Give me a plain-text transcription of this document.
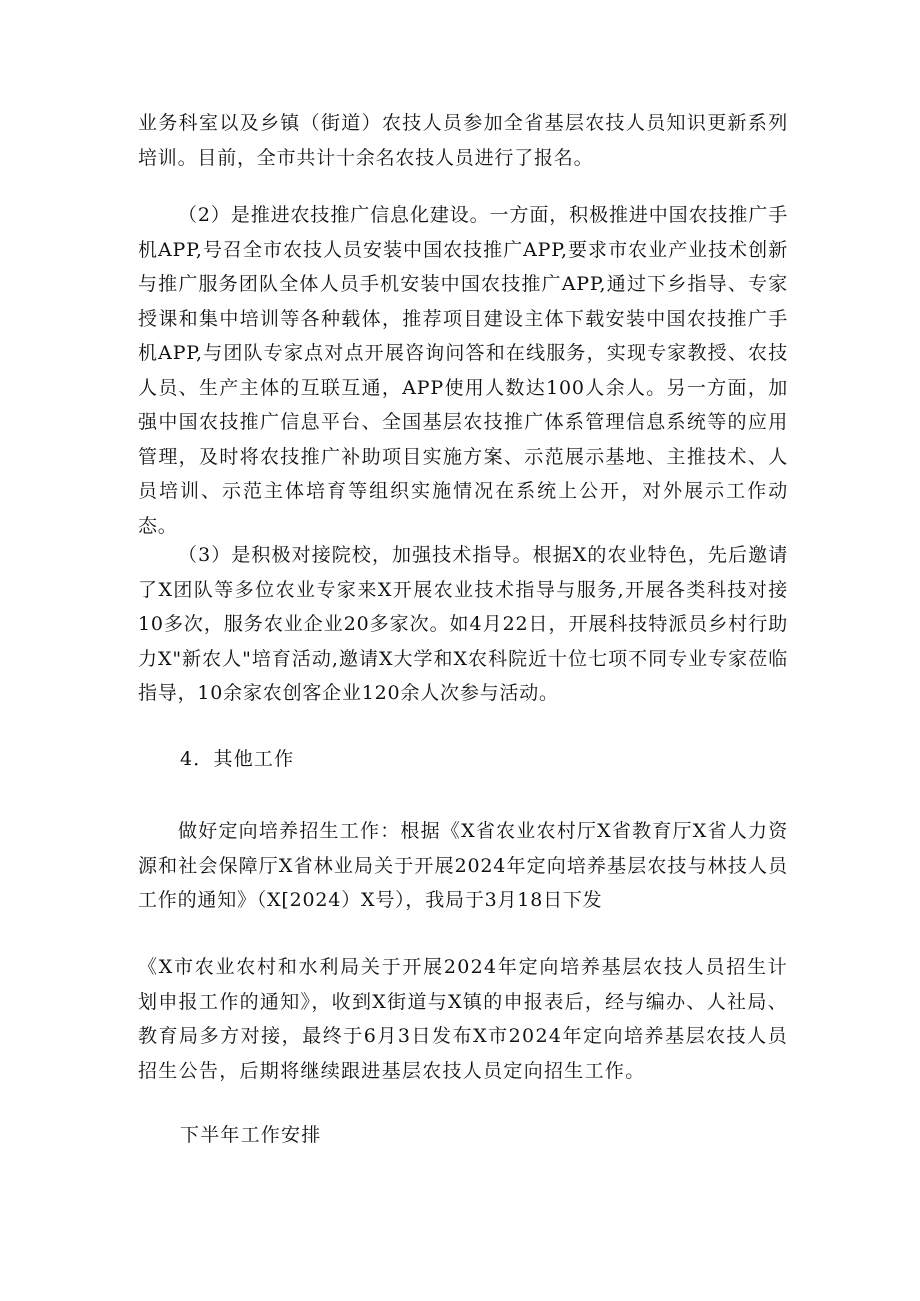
业务科室以及乡镇（街道）农技人员参加全省基层农技人员知识更新系列培训。目前，全市共计十余名农技人员进行了报名。

（2）是推进农技推广信息化建设。一方面，积极推进中国农技推广手机APP,号召全市农技人员安装中国农技推广APP,要求市农业产业技术创新与推广服务团队全体人员手机安装中国农技推广APP,通过下乡指导、专家授课和集中培训等各种载体，推荐项目建设主体下载安装中国农技推广手机APP,与团队专家点对点开展咨询问答和在线服务，实现专家教授、农技人员、生产主体的互联互通，APP使用人数达100人余人。另一方面，加强中国农技推广信息平台、全国基层农技推广体系管理信息系统等的应用管理，及时将农技推广补助项目实施方案、示范展示基地、主推技术、人员培训、示范主体培育等组织实施情况在系统上公开，对外展示工作动态。

（3）是积极对接院校，加强技术指导。根据X的农业特色，先后邀请了X团队等多位农业专家来X开展农业技术指导与服务,开展各类科技对接10多次，服务农业企业20多家次。如4月22日，开展科技特派员乡村行助力X"新农人"培育活动,邀请X大学和X农科院近十位七项不同专业专家莅临指导，10余家农创客企业120余人次参与活动。

4．其他工作

做好定向培养招生工作：根据《X省农业农村厅X省教育厅X省人力资源和社会保障厅X省林业局关于开展2024年定向培养基层农技与林技人员工作的通知》（X[2024）X号），我局于3月18日下发

《X市农业农村和水利局关于开展2024年定向培养基层农技人员招生计划申报工作的通知》，收到X街道与X镇的申报表后，经与编办、人社局、教育局多方对接，最终于6月3日发布X市2024年定向培养基层农技人员招生公告，后期将继续跟进基层农技人员定向招生工作。

下半年工作安排
